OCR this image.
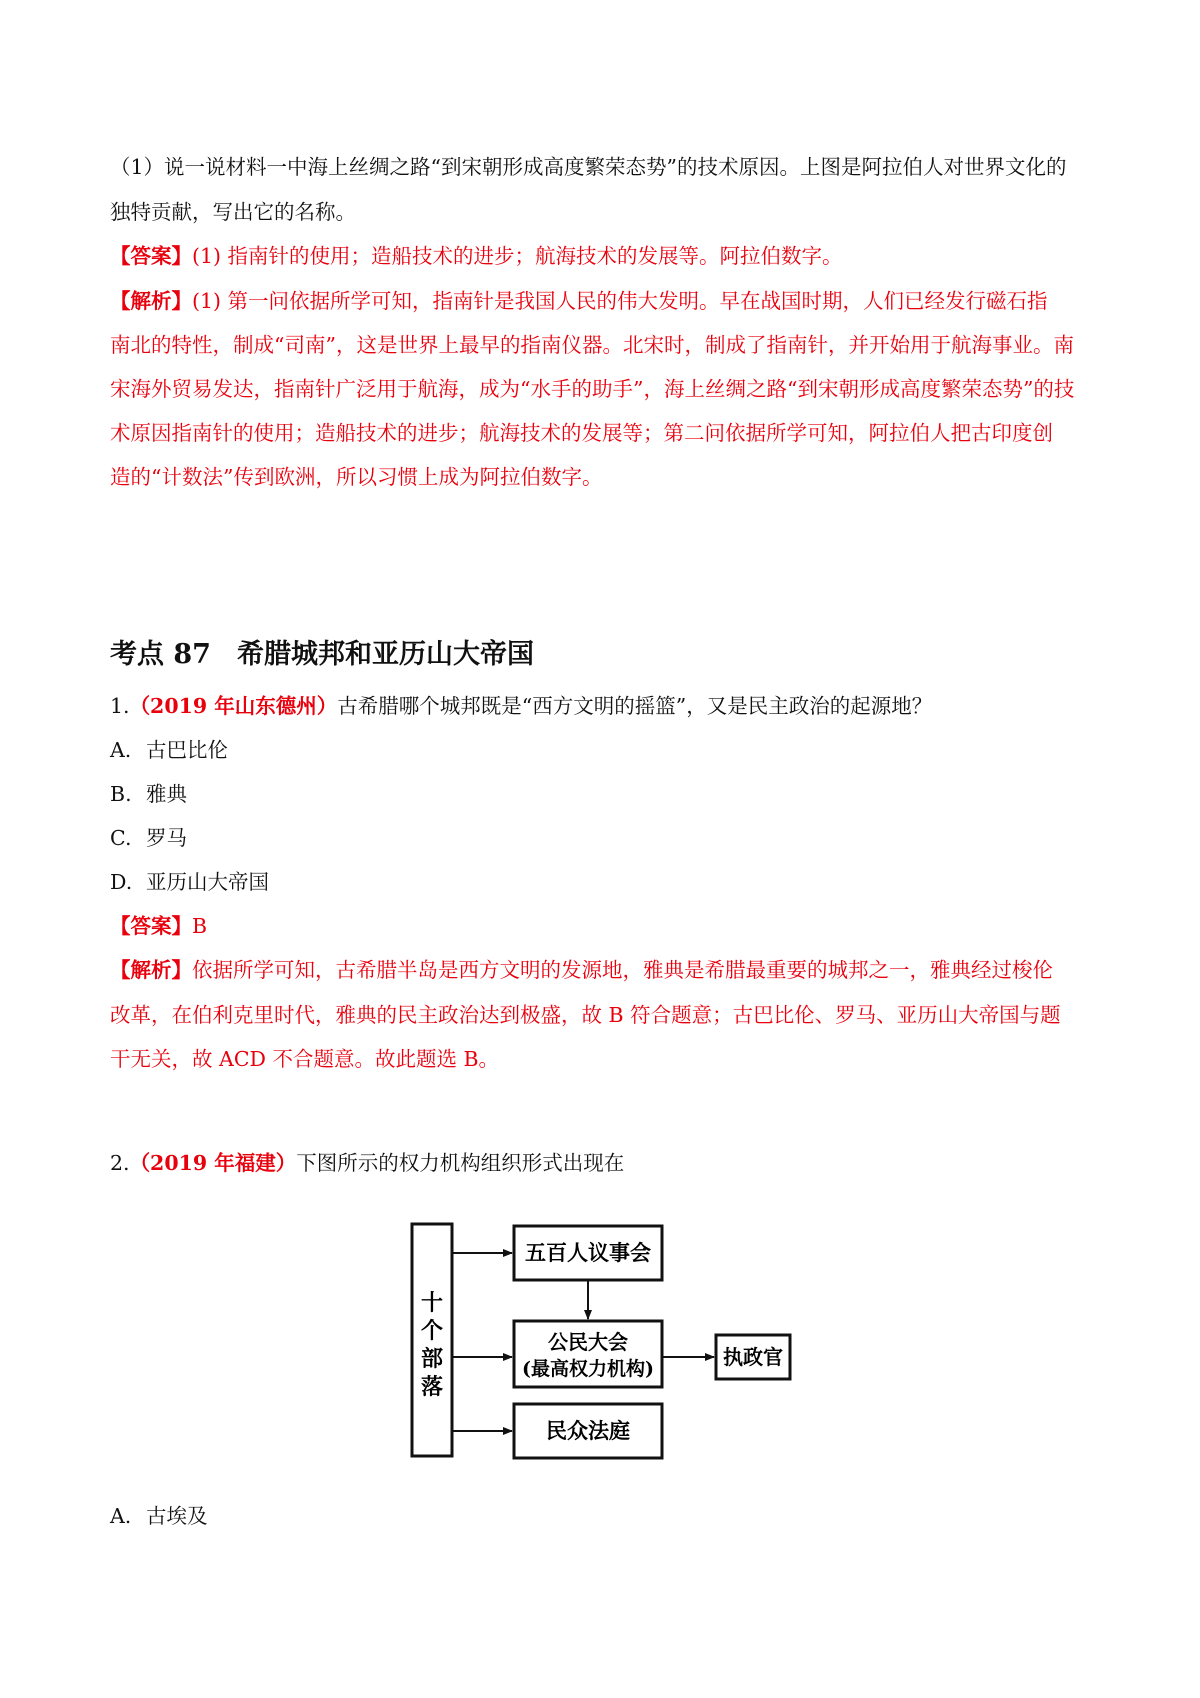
（1）说一说材料一中海上丝绸之路“到宋朝形成高度繁荣态势”的技术原因。上图是阿拉伯人对世界文化的
独特贡献，写出它的名称。
【答案】(1) 指南针的使用；造船技术的进步；航海技术的发展等。阿拉伯数字。
【解析】(1) 第一问依据所学可知，指南针是我国人民的伟大发明。早在战国时期，人们已经发行磁石指
南北的特性，制成“司南”，这是世界上最早的指南仪器。北宋时，制成了指南针，并开始用于航海事业。南
宋海外贸易发达，指南针广泛用于航海，成为“水手的助手”，海上丝绸之路“到宋朝形成高度繁荣态势”的技
术原因指南针的使用；造船技术的进步；航海技术的发展等；第二问依据所学可知，阿拉伯人把古印度创
造的“计数法”传到欧洲，所以习惯上成为阿拉伯数字。
考点 87 希腊城邦和亚历山大帝国
1.（2019 年山东德州）古希腊哪个城邦既是“西方文明的摇篮”，又是民主政治的起源地？
A. 古巴比伦
B. 雅典
C. 罗马
D. 亚历山大帝国
【答案】B
【解析】依据所学可知，古希腊半岛是西方文明的发源地，雅典是希腊最重要的城邦之一，雅典经过梭伦
改革，在伯利克里时代，雅典的民主政治达到极盛，故 B 符合题意；古巴比伦、罗马、亚历山大帝国与题
干无关，故 ACD 不合题意。故此题选 B。
2.（2019 年福建）下图所示的权力机构组织形式出现在
十
个
部
落
五百人议事会
公民大会
(最高权力机构)	执政官
民众法庭
A. 古埃及
